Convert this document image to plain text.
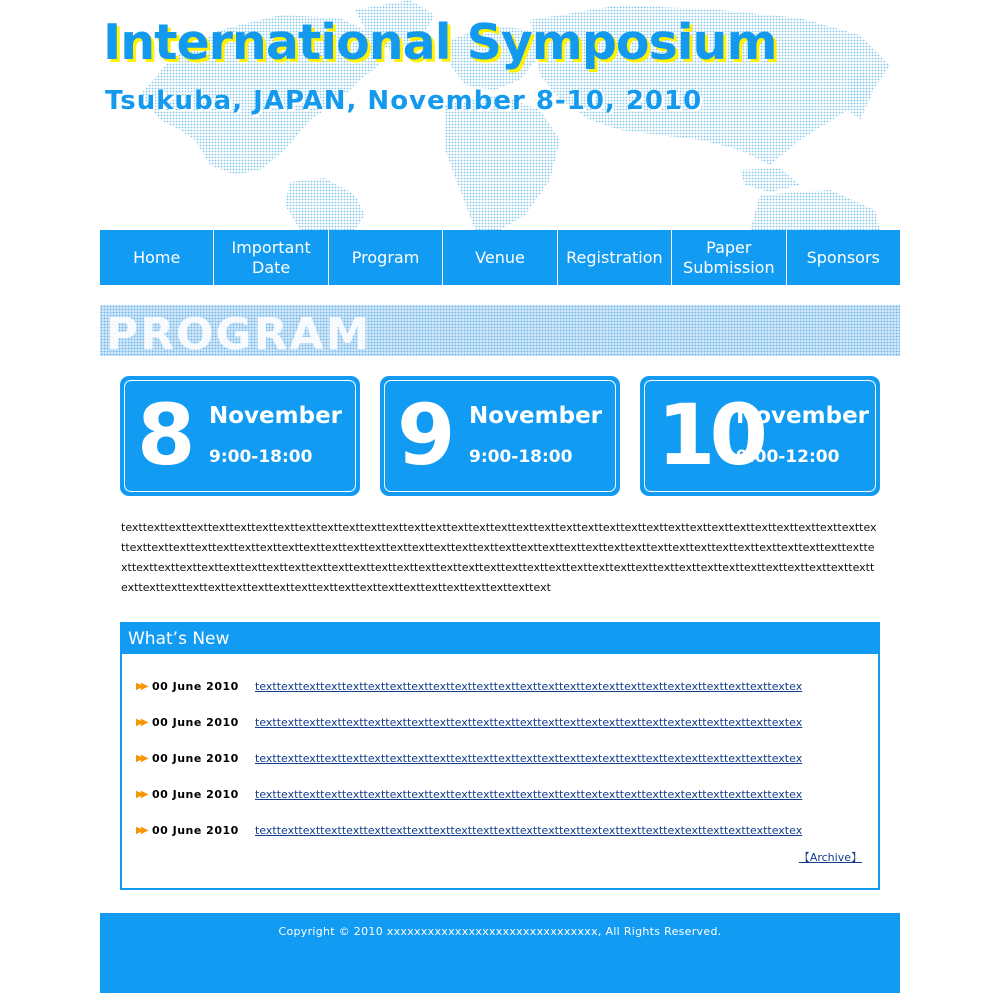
International Symposium
Tsukuba, JAPAN, November 8-10, 2010
Home
Important
Date
Program	Venue	Registration
Paper
Submission
Sponsors
PROGRAM
8 November
9:00-18:00 9 November
9:00-18:00 10
November
9:00-12:00

texttexttexttexttexttexttexttexttexttexttexttexttexttexttexttexttexttexttexttexttexttexttexttexttexttexttexttexttexttexttexttexttexttexttexttexttexttexttexttexttexttexttexttexttexttexttexttexttexttexttexttexttexttexttexttexttexttexttexttexttexttexttexttexttexttexttexttexttexttexttexttexttexttexttexttexttexttexttexttexttexttexttexttexttexttexttexttexttexttexttexttexttexttexttexttexttexttexttexttexttexttexttexttexttexttexttexttexttexttexttexttexttexttexttexttexttexttexttexttexttexttexttexttext

What’s New
▶▶ 00 June 2010	texttexttexttexttexttexttexttexttexttexttexttexttexttexttexttextexttexttexttextexttexttexttexttextex
▶▶ 00 June 2010	texttexttexttexttexttexttexttexttexttexttexttexttexttexttexttextexttexttexttextexttexttexttexttextex
▶▶ 00 June 2010	texttexttexttexttexttexttexttexttexttexttexttexttexttexttexttextexttexttexttextexttexttexttexttextex
▶▶ 00 June 2010	texttexttexttexttexttexttexttexttexttexttexttexttexttexttexttextexttexttexttextexttexttexttexttextex
▶▶ 00 June 2010	texttexttexttexttexttexttexttexttexttexttexttexttexttexttexttextexttexttexttextexttexttexttexttextex
【Archive】
Copyright © 2010 xxxxxxxxxxxxxxxxxxxxxxxxxxxxxxx, All Rights Reserved.
